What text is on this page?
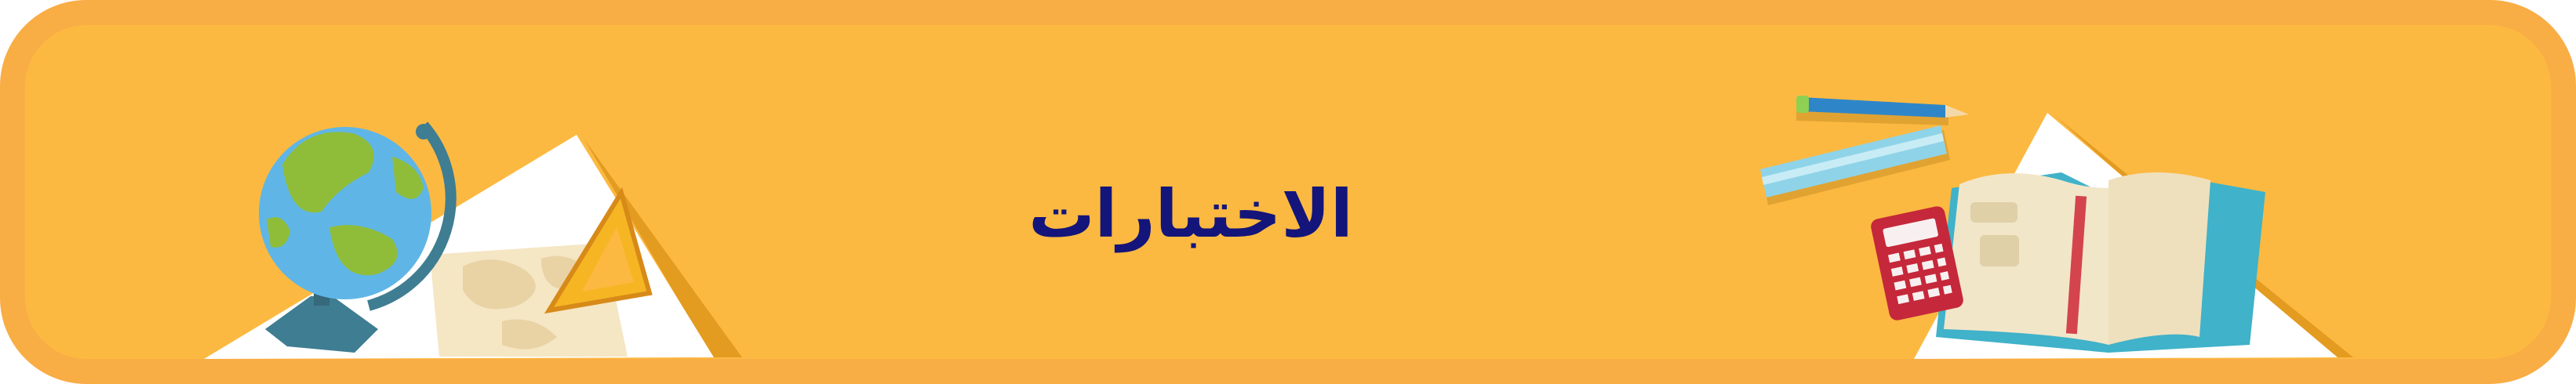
الاختبارات
